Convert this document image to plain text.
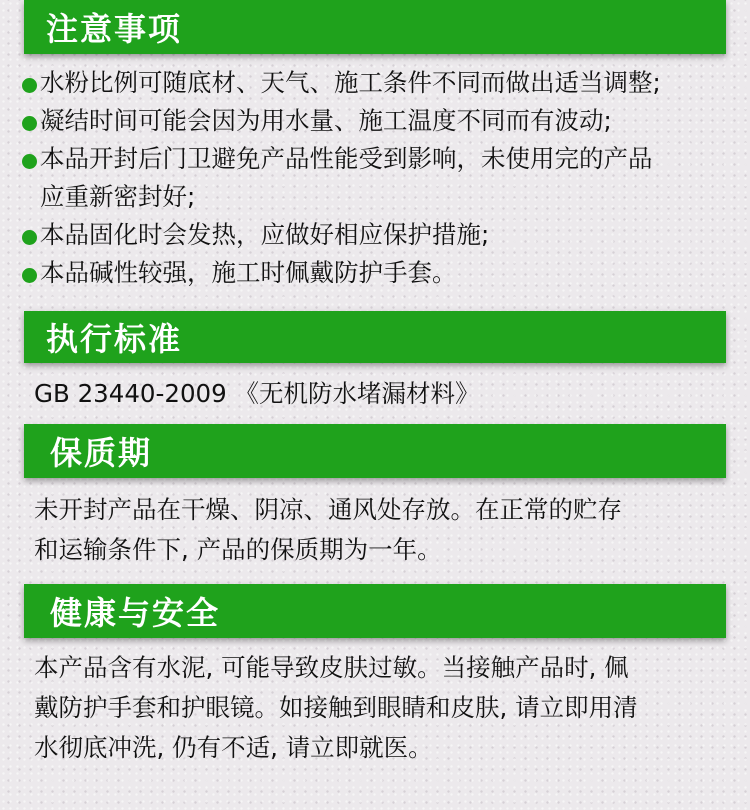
注意事项
水粉比例可随底材、天气、施工条件不同而做出适当调整;
凝结时间可能会因为用水量、施工温度不同而有波动;
本品开封后门卫避免产品性能受到影响，未使用完的产品
应重新密封好;
本品固化时会发热，应做好相应保护措施;
本品碱性较强，施工时佩戴防护手套。
执行标准
GB 23440-2009 《无机防水堵漏材料》
保质期
未开封产品在干燥、阴凉、通风处存放。在正常的贮存
和运输条件下, 产品的保质期为一年。
健康与安全
本产品含有水泥, 可能导致皮肤过敏。当接触产品时, 佩
戴防护手套和护眼镜。如接触到眼睛和皮肤, 请立即用清
水彻底冲洗, 仍有不适, 请立即就医。
